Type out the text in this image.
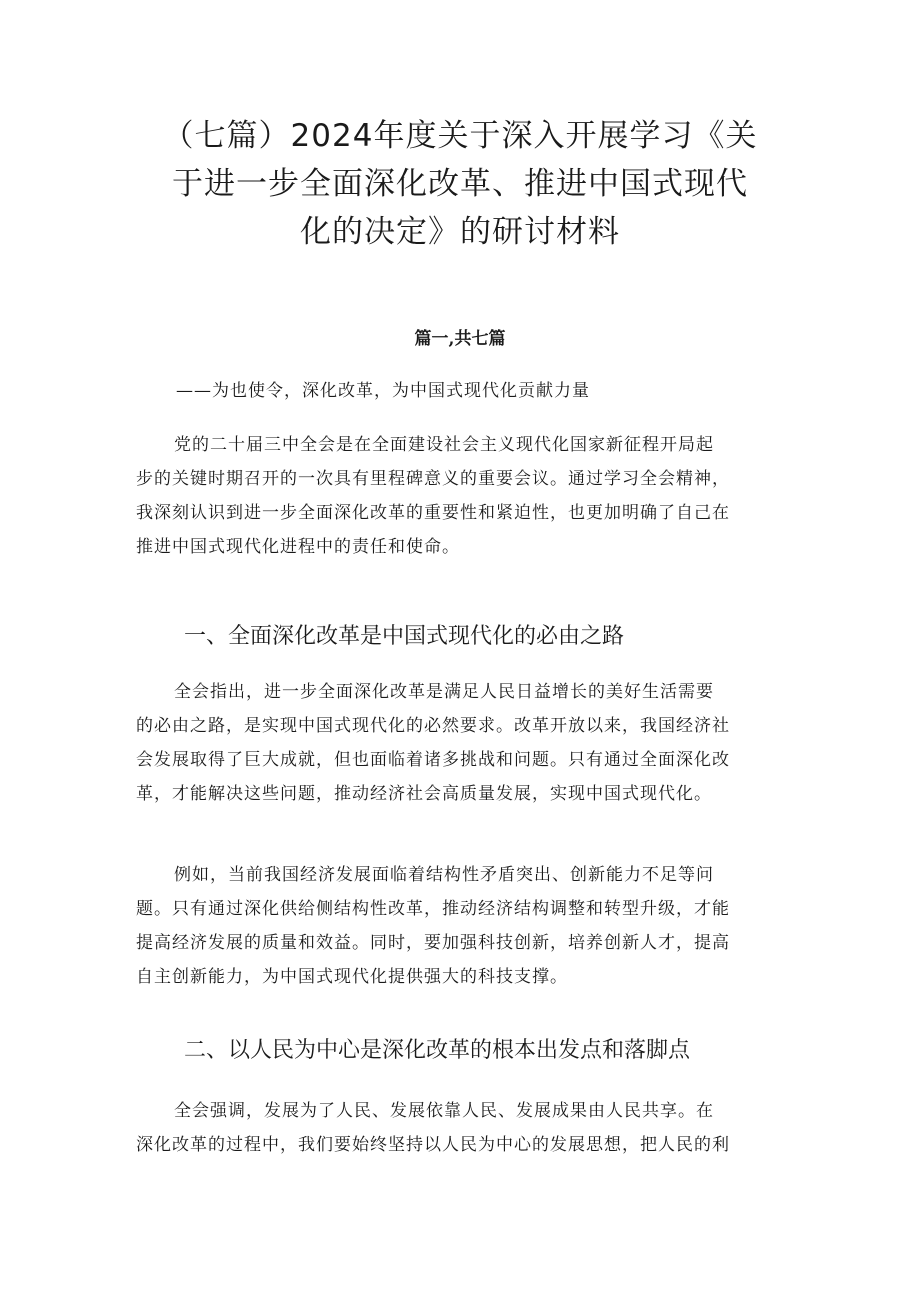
（七篇）2024年度关于深入开展学习《关
于进一步全面深化改革、推进中国式现代
化的决定》的研讨材料
篇一,共七篇
——为也使令，深化改革，为中国式现代化贡献力量

党的二十届三中全会是在全面建设社会主义现代化国家新征程开局起
步的关键时期召开的一次具有里程碑意义的重要会议。通过学习全会精神，
我深刻认识到进一步全面深化改革的重要性和紧迫性，也更加明确了自己在
推进中国式现代化进程中的责任和使命。

一、全面深化改革是中国式现代化的必由之路

全会指出，进一步全面深化改革是满足人民日益增长的美好生活需要
的必由之路，是实现中国式现代化的必然要求。改革开放以来，我国经济社
会发展取得了巨大成就，但也面临着诸多挑战和问题。只有通过全面深化改
革，才能解决这些问题，推动经济社会高质量发展，实现中国式现代化。

例如，当前我国经济发展面临着结构性矛盾突出、创新能力不足等问
题。只有通过深化供给侧结构性改革，推动经济结构调整和转型升级，才能
提高经济发展的质量和效益。同时，要加强科技创新，培养创新人才，提高
自主创新能力，为中国式现代化提供强大的科技支撑。

二、以人民为中心是深化改革的根本出发点和落脚点

全会强调，发展为了人民、发展依靠人民、发展成果由人民共享。在
深化改革的过程中，我们要始终坚持以人民为中心的发展思想，把人民的利
